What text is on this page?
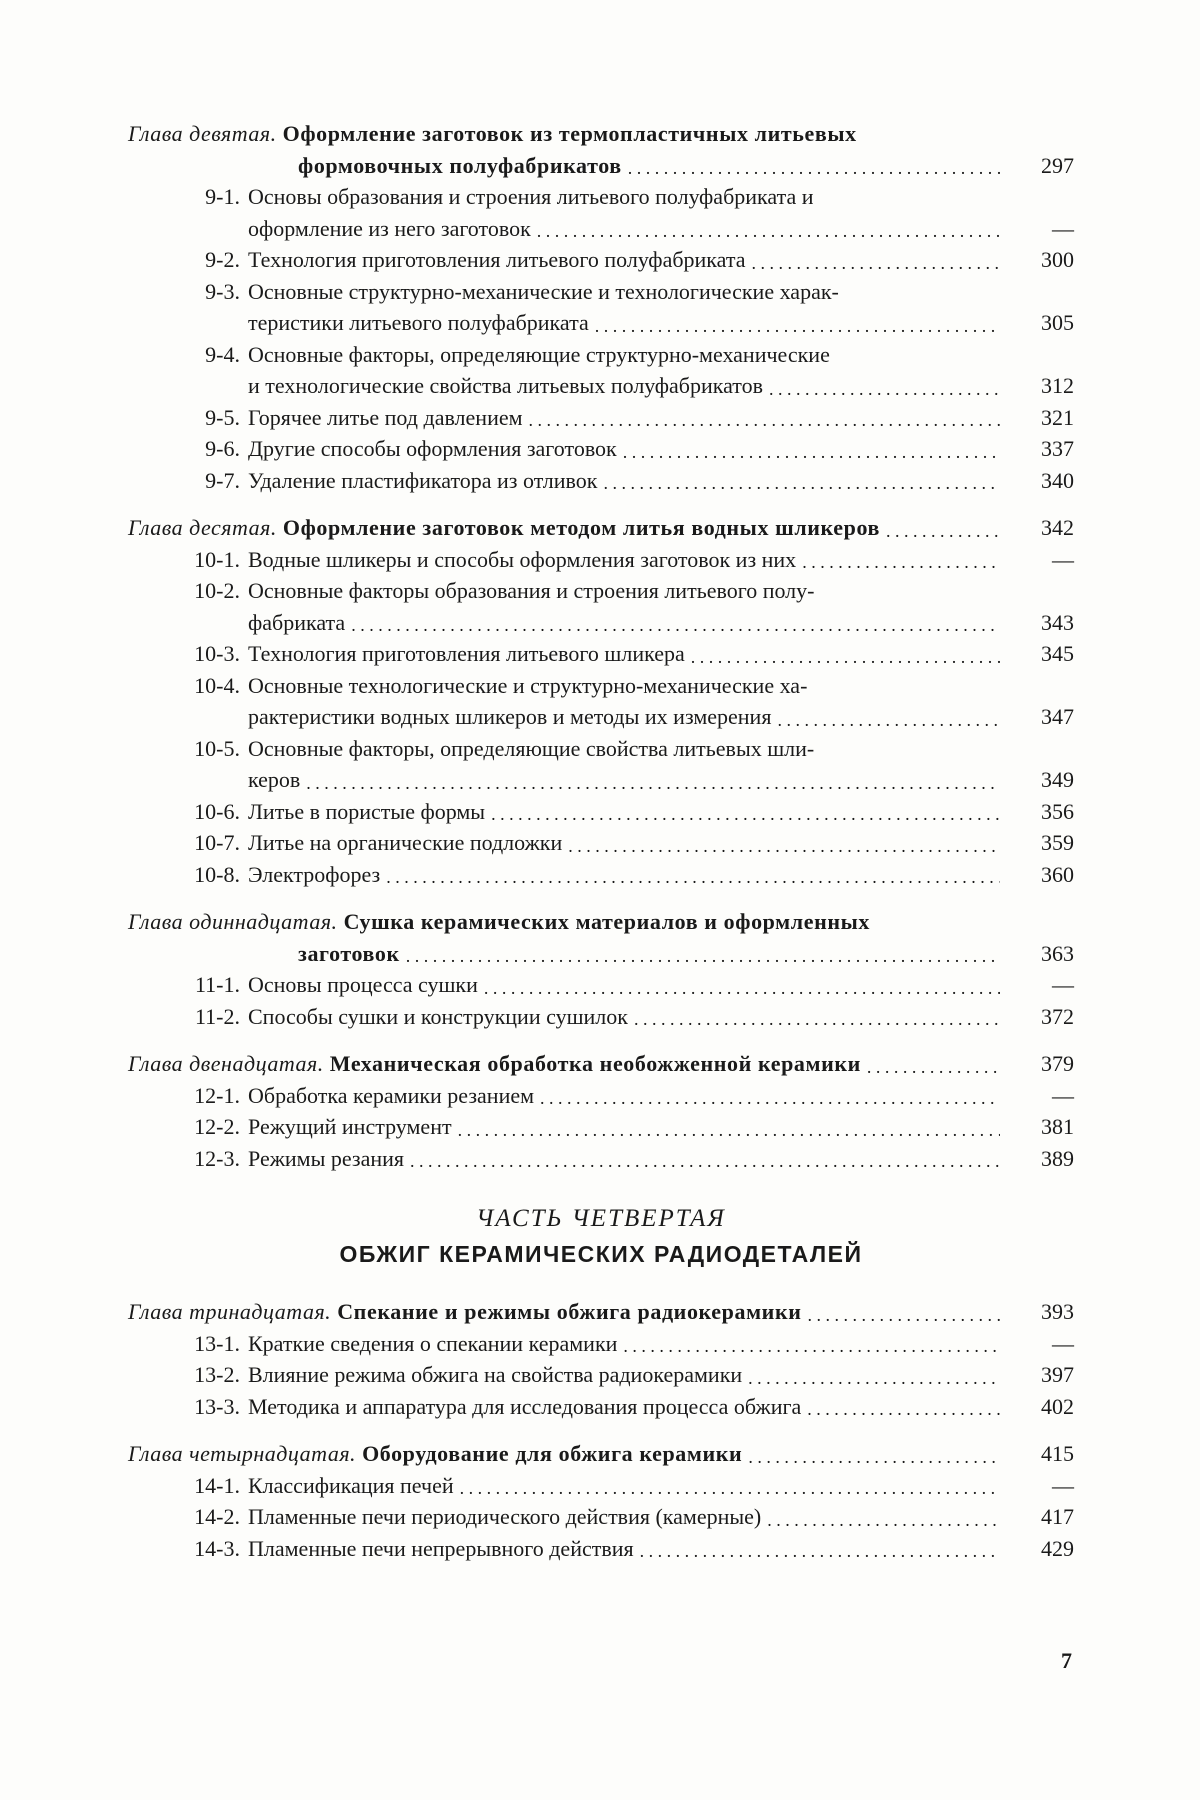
Глава девятая. Оформление заготовок из термопластичных литьевых
формовочных полуфабрикатов . . .	297
9-1. Основы образования и строения литьевого полуфабриката и
оформление из него заготовок . . .	—
9-2. Технология приготовления литьевого полуфабриката . . .	300
9-3. Основные структурно-механические и технологические харак-
теристики литьевого полуфабриката . . .	305
9-4. Основные факторы, определяющие структурно-механические
и технологические свойства литьевых полуфабрикатов . . .	312
9-5. Горячее литье под давлением . . .	321
9-6. Другие способы оформления заготовок . . .	337
9-7. Удаление пластификатора из отливок . . .	340
Глава десятая. Оформление заготовок методом литья водных шликеров . . .	342
10-1. Водные шликеры и способы оформления заготовок из них . . .	—
10-2. Основные факторы образования и строения литьевого полу-
фабриката . . .	343
10-3. Технология приготовления литьевого шликера . . .	345
10-4. Основные технологические и структурно-механические ха-
рактеристики водных шликеров и методы их измерения . . .	347
10-5. Основные факторы, определяющие свойства литьевых шли-
керов . . .	349
10-6. Литье в пористые формы . . .	356
10-7. Литье на органические подложки . . .	359
10-8. Электрофорез . . .	360
Глава одиннадцатая. Сушка керамических материалов и оформленных
заготовок . . .	363
11-1. Основы процесса сушки . . .	—
11-2. Способы сушки и конструкции сушилок . . .	372
Глава двенадцатая. Механическая обработка необожженной керамики . . .	379
12-1. Обработка керамики резанием . . .	—
12-2. Режущий инструмент . . .	381
12-3. Режимы резания . . .	389
ЧАСТЬ ЧЕТВЕРТАЯ
ОБЖИГ КЕРАМИЧЕСКИХ РАДИОДЕТАЛЕЙ
Глава тринадцатая. Спекание и режимы обжига радиокерамики . . .	393
13-1. Краткие сведения о спекании керамики . . .	—
13-2. Влияние режима обжига на свойства радиокерамики . . .	397
13-3. Методика и аппаратура для исследования процесса обжига . . .	402
Глава четырнадцатая. Оборудование для обжига керамики . . .	415
14-1. Классификация печей . . .	—
14-2. Пламенные печи периодического действия (камерные) . . .	417
14-3. Пламенные печи непрерывного действия . . .	429
7
